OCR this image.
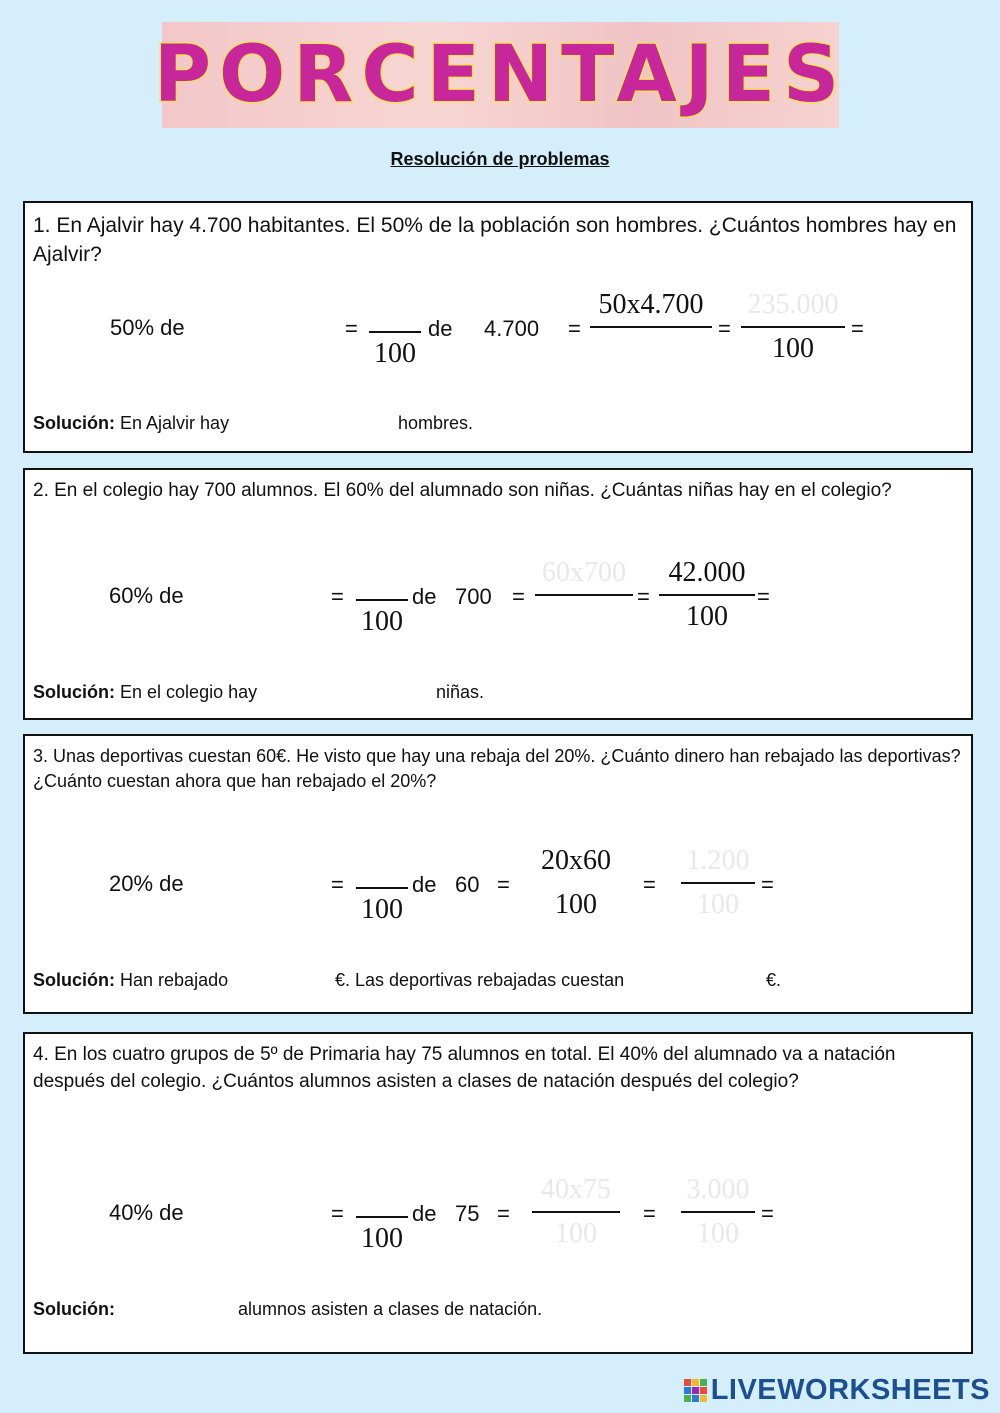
PORCENTAJES
Resolución de problemas
1. En Ajalvir hay 4.700 habitantes. El 50% de la población son hombres. ¿Cuántos hombres hay en Ajalvir?
50% de	=
100
de 4.700 =
50x4.700
=
235.000
100
=
Solución: En Ajalvir hay	hombres.
2. En el colegio hay 700 alumnos. El 60% del alumnado son niñas. ¿Cuántas niñas hay en el colegio?
60% de	=
100
de 700 =
60x700
=
42.000
100
=
Solución: En el colegio hay	niñas.
3. Unas deportivas cuestan 60€. He visto que hay una rebaja del 20%. ¿Cuánto dinero han rebajado las deportivas? ¿Cuánto cuestan ahora que han rebajado el 20%?
20% de	=
100
de 60 =
20x60
100
=
1.200
100
=
Solución: Han rebajado	€. Las deportivas rebajadas cuestan	€.
4. En los cuatro grupos de 5º de Primaria hay 75 alumnos en total. El 40% del alumnado va a natación después del colegio. ¿Cuántos alumnos asisten a clases de natación después del colegio?
40% de	=
100
de 75 =
40x75
100
=
3.000
100
=
Solución:	alumnos asisten a clases de natación.
LIVEWORKSHEETS
